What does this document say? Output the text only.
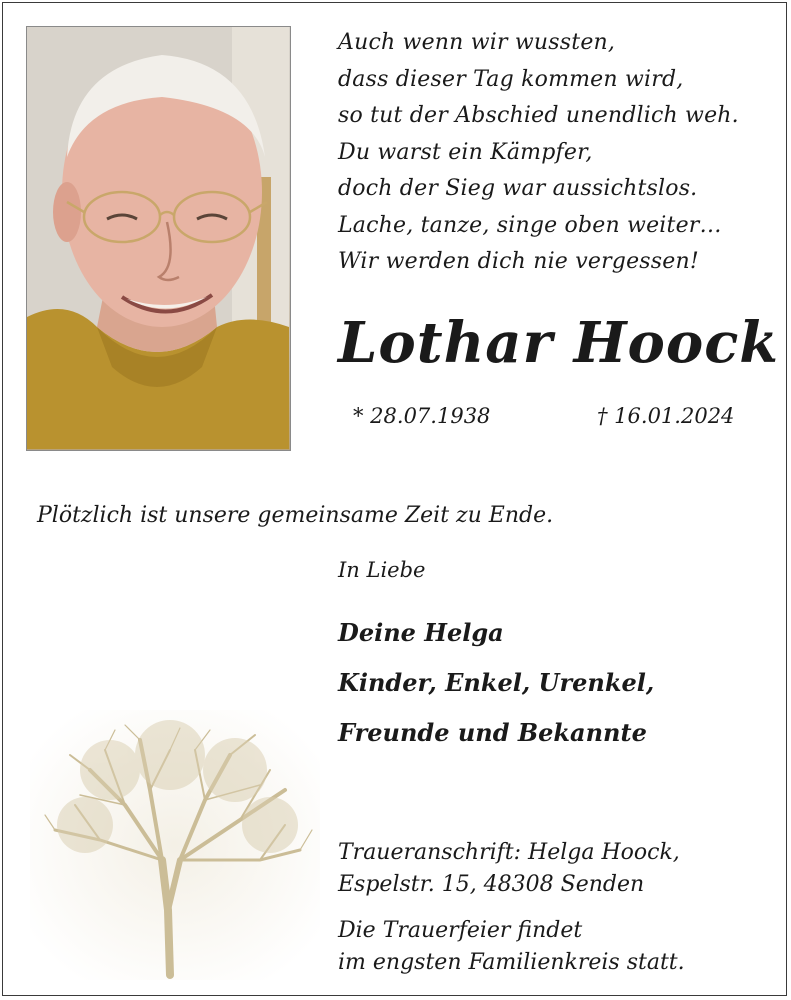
Auch wenn wir wussten,
dass dieser Tag kommen wird,
so tut der Abschied unendlich weh.
Du warst ein Kämpfer,
doch der Sieg war aussichtslos.
Lache, tanze, singe oben weiter…
Wir werden dich nie vergessen!
Lothar Hoock
* 28.07.1938	† 16.01.2024
Plötzlich ist unsere gemeinsame Zeit zu Ende.
In Liebe
Deine Helga
Kinder, Enkel, Urenkel,
Freunde und Bekannte
Traueranschrift: Helga Hoock,
Espelstr. 15, 48308 Senden
Die Trauerfeier findet
im engsten Familienkreis statt.
